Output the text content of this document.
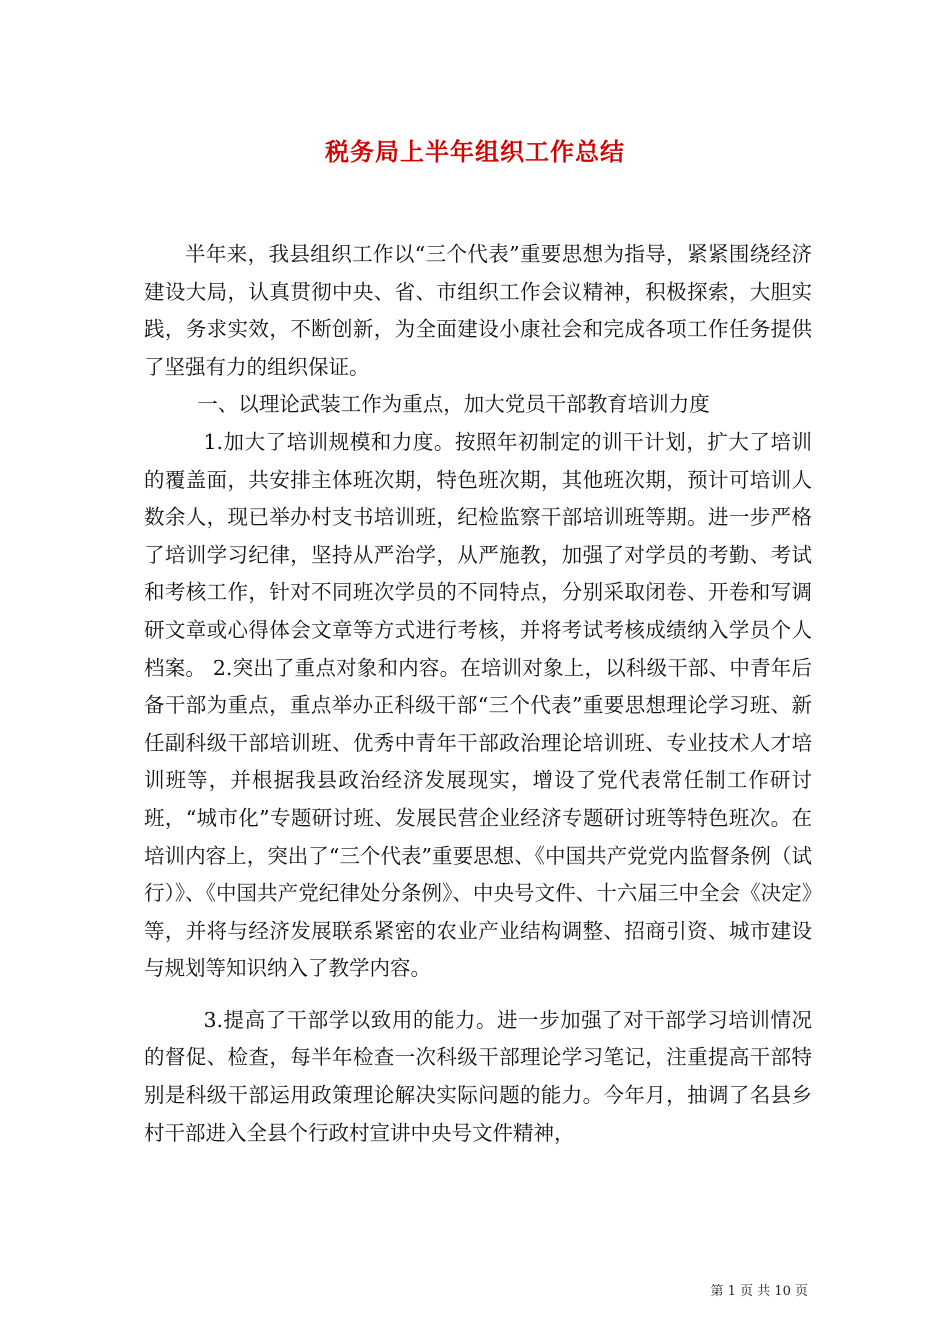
税务局上半年组织工作总结

半年来，我县组织工作以“三个代表”重要思想为指导，紧紧围绕经济建设大局，认真贯彻中央、省、市组织工作会议精神，积极探索，大胆实践，务求实效，不断创新，为全面建设小康社会和完成各项工作任务提供了坚强有力的组织保证。

一、以理论武装工作为重点，加大党员干部教育培训力度

1.加大了培训规模和力度。按照年初制定的训干计划，扩大了培训的覆盖面，共安排主体班次期，特色班次期，其他班次期，预计可培训人数余人，现已举办村支书培训班，纪检监察干部培训班等期。进一步严格了培训学习纪律，坚持从严治学，从严施教，加强了对学员的考勤、考试和考核工作，针对不同班次学员的不同特点，分别采取闭卷、开卷和写调研文章或心得体会文章等方式进行考核，并将考试考核成绩纳入学员个人档案。 2.突出了重点对象和内容。在培训对象上，以科级干部、中青年后备干部为重点，重点举办正科级干部“三个代表”重要思想理论学习班、新任副科级干部培训班、优秀中青年干部政治理论培训班、专业技术人才培训班等，并根据我县政治经济发展现实，增设了党代表常任制工作研讨班，“城市化”专题研讨班、发展民营企业经济专题研讨班等特色班次。在培训内容上，突出了“三个代表”重要思想、《中国共产党党内监督条例（试行）》、《中国共产党纪律处分条例》、中央号文件、十六届三中全会《决定》等，并将与经济发展联系紧密的农业产业结构调整、招商引资、城市建设与规划等知识纳入了教学内容。

3.提高了干部学以致用的能力。进一步加强了对干部学习培训情况的督促、检查，每半年检查一次科级干部理论学习笔记，注重提高干部特别是科级干部运用政策理论解决实际问题的能力。今年月，抽调了名县乡村干部进入全县个行政村宣讲中央号文件精神，

第 1 页 共 10 页
